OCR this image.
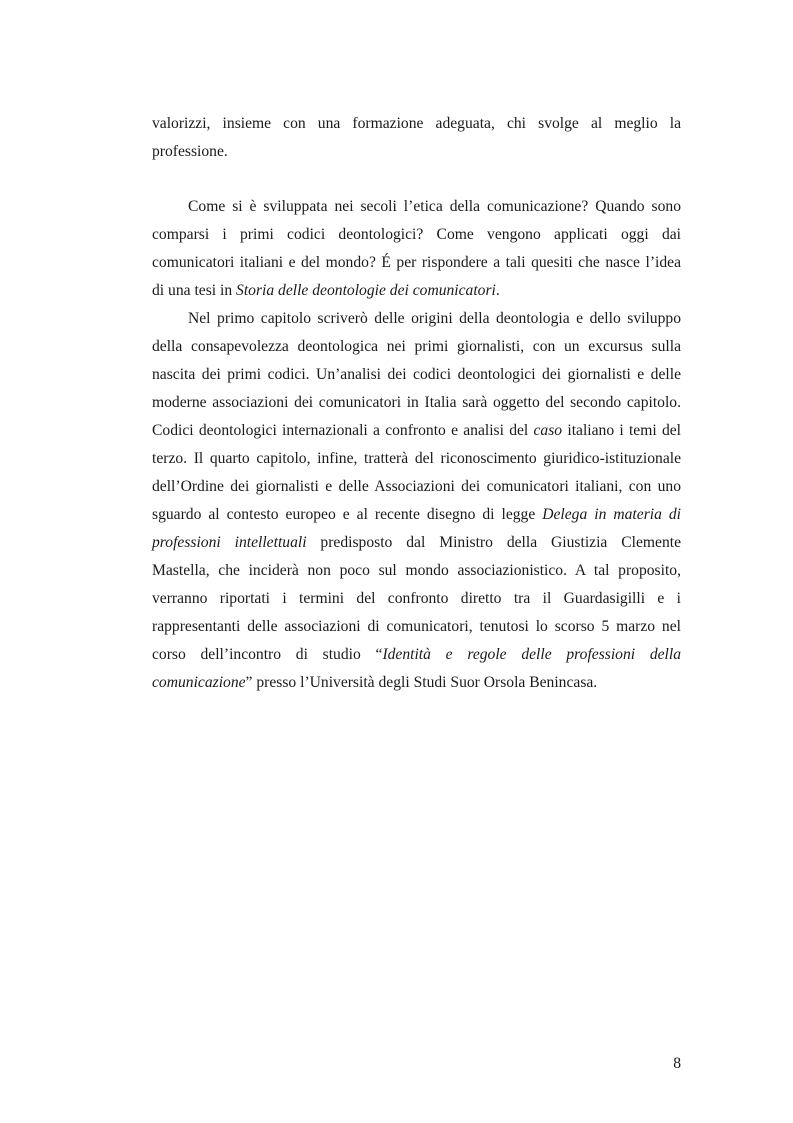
valorizzi, insieme con una formazione adeguata, chi svolge al meglio la
professione.
Come si è sviluppata nei secoli l’etica della comunicazione? Quando sono
comparsi i primi codici deontologici? Come vengono applicati oggi dai
comunicatori italiani e del mondo? É per rispondere a tali quesiti che nasce l’idea
di una tesi in Storia delle deontologie dei comunicatori.
Nel primo capitolo scriverò delle origini della deontologia e dello sviluppo
della consapevolezza deontologica nei primi giornalisti, con un excursus sulla
nascita dei primi codici. Un’analisi dei codici deontologici dei giornalisti e delle
moderne associazioni dei comunicatori in Italia sarà oggetto del secondo capitolo.
Codici deontologici internazionali a confronto e analisi del caso italiano i temi del
terzo. Il quarto capitolo, infine, tratterà del riconoscimento giuridico-istituzionale
dell’Ordine dei giornalisti e delle Associazioni dei comunicatori italiani, con uno
sguardo al contesto europeo e al recente disegno di legge Delega in materia di
professioni intellettuali predisposto dal Ministro della Giustizia Clemente
Mastella, che inciderà non poco sul mondo associazionistico. A tal proposito,
verranno riportati i termini del confronto diretto tra il Guardasigilli e i
rappresentanti delle associazioni di comunicatori, tenutosi lo scorso 5 marzo nel
corso dell’incontro di studio “Identità e regole delle professioni della
comunicazione” presso l’Università degli Studi Suor Orsola Benincasa.
8
